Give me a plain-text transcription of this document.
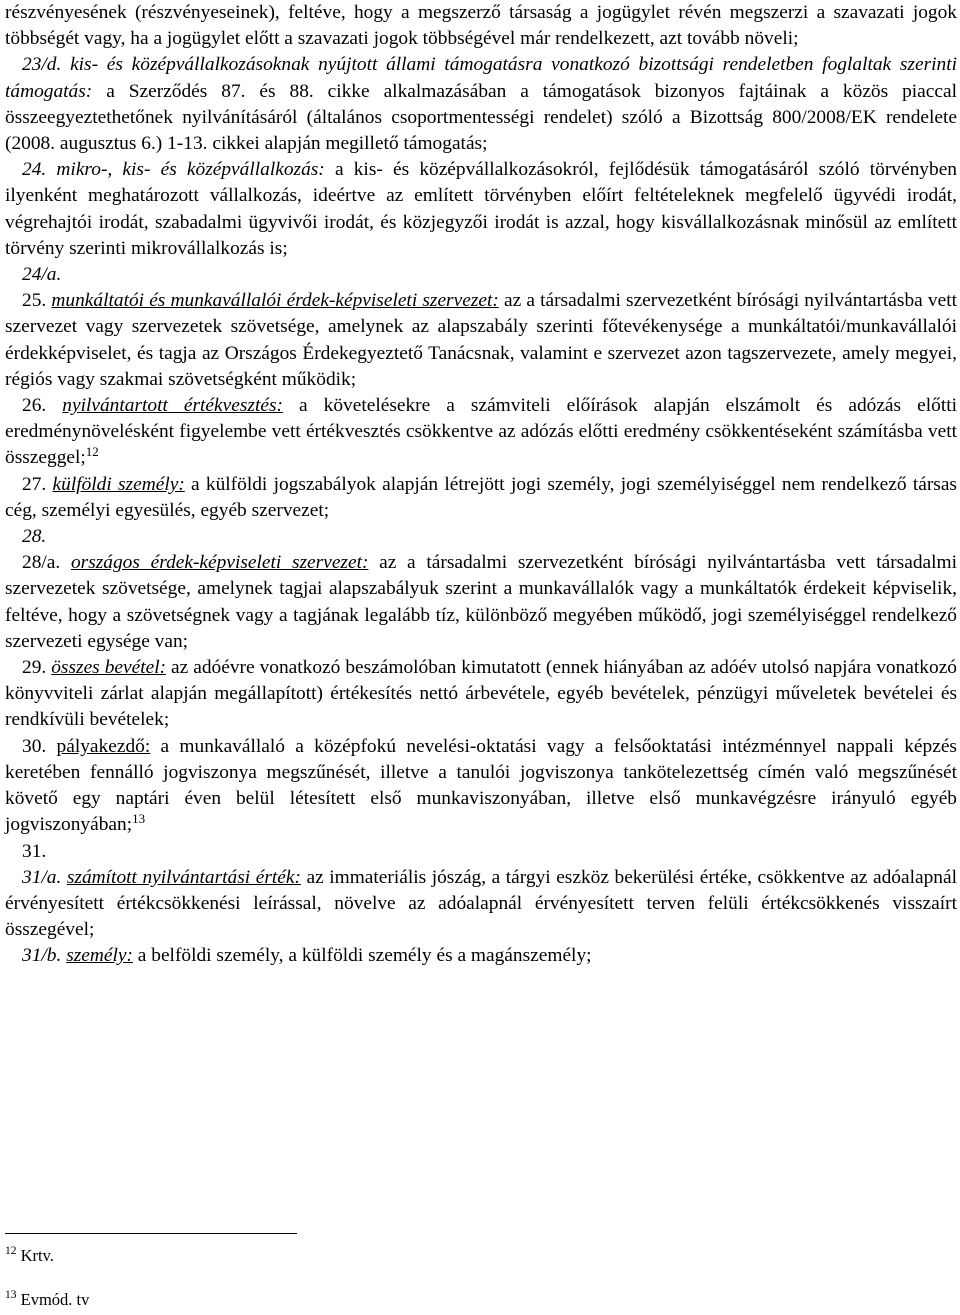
részvényesének (részvényeseinek), feltéve, hogy a megszerző társaság a jogügylet révén megszerzi a szavazati jogok többségét vagy, ha a jogügylet előtt a szavazati jogok többségével már rendelkezett, azt tovább növeli;

23/d. kis- és középvállalkozásoknak nyújtott állami támogatásra vonatkozó bizottsági rendeletben foglaltak szerinti támogatás: a Szerződés 87. és 88. cikke alkalmazásában a támogatások bizonyos fajtáinak a közös piaccal összeegyeztethetőnek nyilvánításáról (általános csoportmentességi rendelet) szóló a Bizottság 800/2008/EK rendelete (2008. augusztus 6.) 1-13. cikkei alapján megillető támogatás;

24. mikro-, kis- és középvállalkozás: a kis- és középvállalkozásokról, fejlődésük támogatásáról szóló törvényben ilyenként meghatározott vállalkozás, ideértve az említett törvényben előírt feltételeknek megfelelő ügyvédi irodát, végrehajtói irodát, szabadalmi ügyvivői irodát, és közjegyzői irodát is azzal, hogy kisvállalkozásnak minősül az említett törvény szerinti mikrovállalkozás is;

24/a.

25. munkáltatói és munkavállalói érdek-képviseleti szervezet: az a társadalmi szervezetként bírósági nyilvántartásba vett szervezet vagy szervezetek szövetsége, amelynek az alapszabály szerinti főtevékenysége a munkáltatói/munkavállalói érdekképviselet, és tagja az Országos Érdekegyeztető Tanácsnak, valamint e szervezet azon tagszervezete, amely megyei, régiós vagy szakmai szövetségként működik;

26. nyilvántartott értékvesztés: a követelésekre a számviteli előírások alapján elszámolt és adózás előtti eredménynövelésként figyelembe vett értékvesztés csökkentve az adózás előtti eredmény csökkentéseként számításba vett összeggel;$^{12}$

27. külföldi személy: a külföldi jogszabályok alapján létrejött jogi személy, jogi személyiséggel nem rendelkező társas cég, személyi egyesülés, egyéb szervezet;

28.

28/a. országos érdek-képviseleti szervezet: az a társadalmi szervezetként bírósági nyilvántartásba vett társadalmi szervezetek szövetsége, amelynek tagjai alapszabályuk szerint a munkavállalók vagy a munkáltatók érdekeit képviselik, feltéve, hogy a szövetségnek vagy a tagjának legalább tíz, különböző megyében működő, jogi személyiséggel rendelkező szervezeti egysége van;

29. összes bevétel: az adóévre vonatkozó beszámolóban kimutatott (ennek hiányában az adóév utolsó napjára vonatkozó könyvviteli zárlat alapján megállapított) értékesítés nettó árbevétele, egyéb bevételek, pénzügyi műveletek bevételei és rendkívüli bevételek;

30. pályakezdő: a munkavállaló a középfokú nevelési-oktatási vagy a felsőoktatási intézménnyel nappali képzés keretében fennálló jogviszonya megszűnését, illetve a tanulói jogviszonya tankötelezettség címén való megszűnését követő egy naptári éven belül létesített első munkaviszonyában, illetve első munkavégzésre irányuló egyéb jogviszonyában;$^{13}$

31.

31/a. számított nyilvántartási érték: az immateriális jószág, a tárgyi eszköz bekerülési értéke, csökkentve az adóalapnál érvényesített értékcsökkenési leírással, növelve az adóalapnál érvényesített terven felüli értékcsökkenés visszaírt összegével;

31/b. személy: a belföldi személy, a külföldi személy és a magánszemély;

$^{12}$ Krtv.
$^{13}$ Evmód. tv
